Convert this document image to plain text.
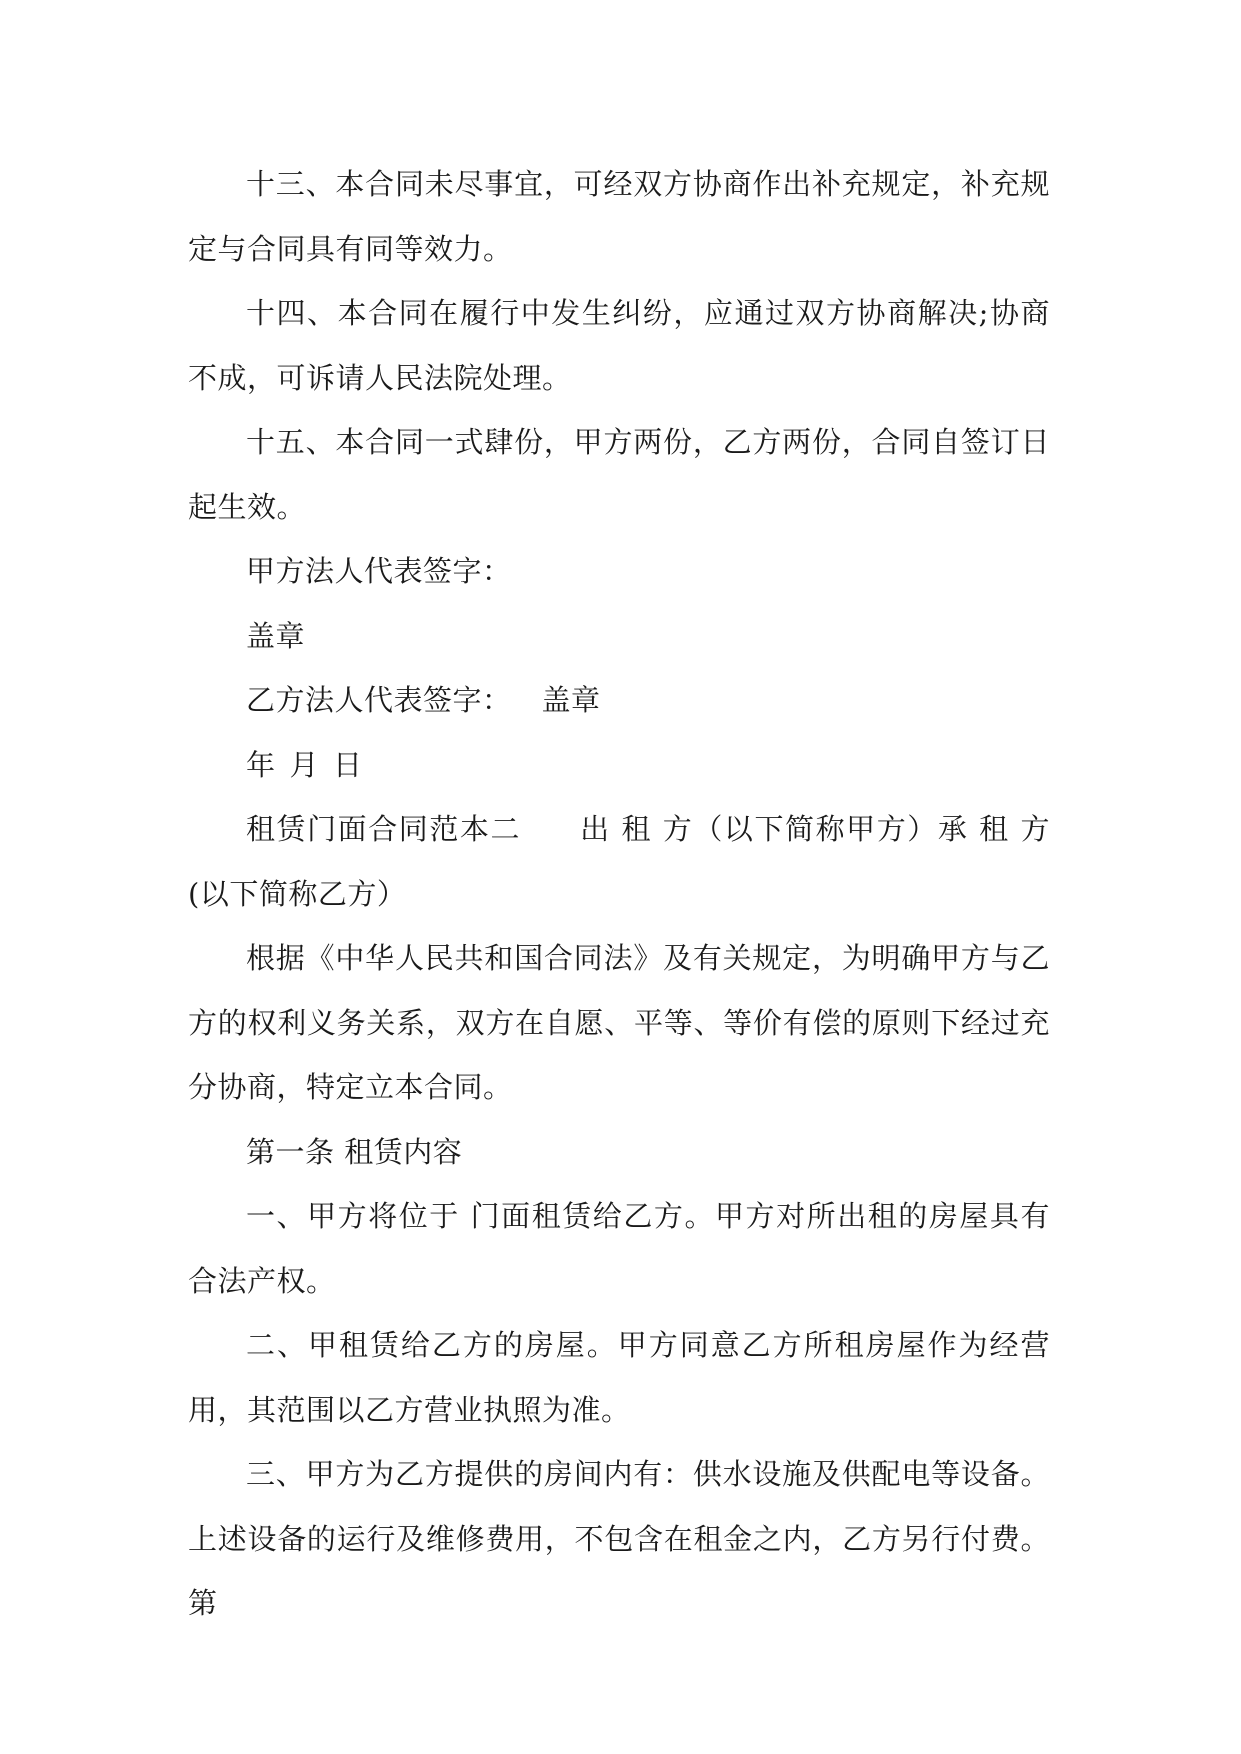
十三、本合同未尽事宜，可经双方协商作出补充规定，补充规定与合同具有同等效力。

十四、本合同在履行中发生纠纷，应通过双方协商解决;协商不成，可诉请人民法院处理。

十五、本合同一式肆份，甲方两份，乙方两份，合同自签订日起生效。

甲方法人代表签字：

盖章

乙方法人代表签字： 盖章

年 月 日

租赁门面合同范本二 出 租 方（以下简称甲方）承 租 方(以下简称乙方）

根据《中华人民共和国合同法》及有关规定，为明确甲方与乙方的权利义务关系，双方在自愿、平等、等价有偿的原则下经过充分协商，特定立本合同。

第一条 租赁内容

一、甲方将位于 门面租赁给乙方。甲方对所出租的房屋具有合法产权。

二、甲租赁给乙方的房屋。甲方同意乙方所租房屋作为经营用，其范围以乙方营业执照为准。

三、甲方为乙方提供的房间内有：供水设施及供配电等设备。上述设备的运行及维修费用，不包含在租金之内，乙方另行付费。 第
